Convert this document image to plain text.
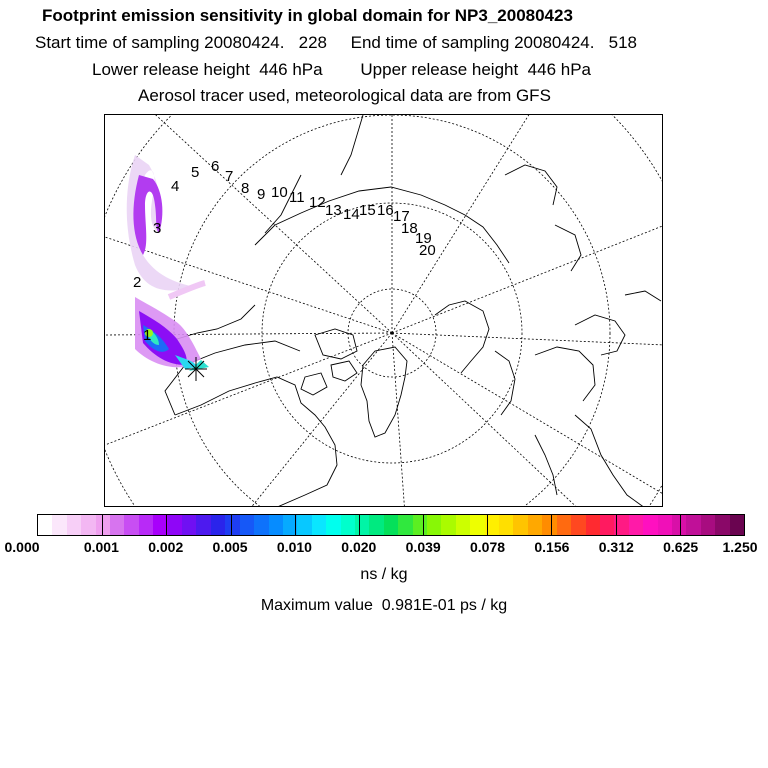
Footprint emission sensitivity in global domain for NP3_20080423
Start time of sampling 20080424.   228     End time of sampling 20080424.   518
Lower release height  446 hPa        Upper release height  446 hPa
Aerosol tracer used, meteorological data are from GFS
1
2
3
4
5 6
7
8 9 10 11 12 13 14 15 16 17
18
19
20
0.000	0.001 0.002 0.005 0.010 0.020 0.039 0.078 0.156 0.312 0.625 1.250
ns / kg
Maximum value  0.981E-01 ps / kg
